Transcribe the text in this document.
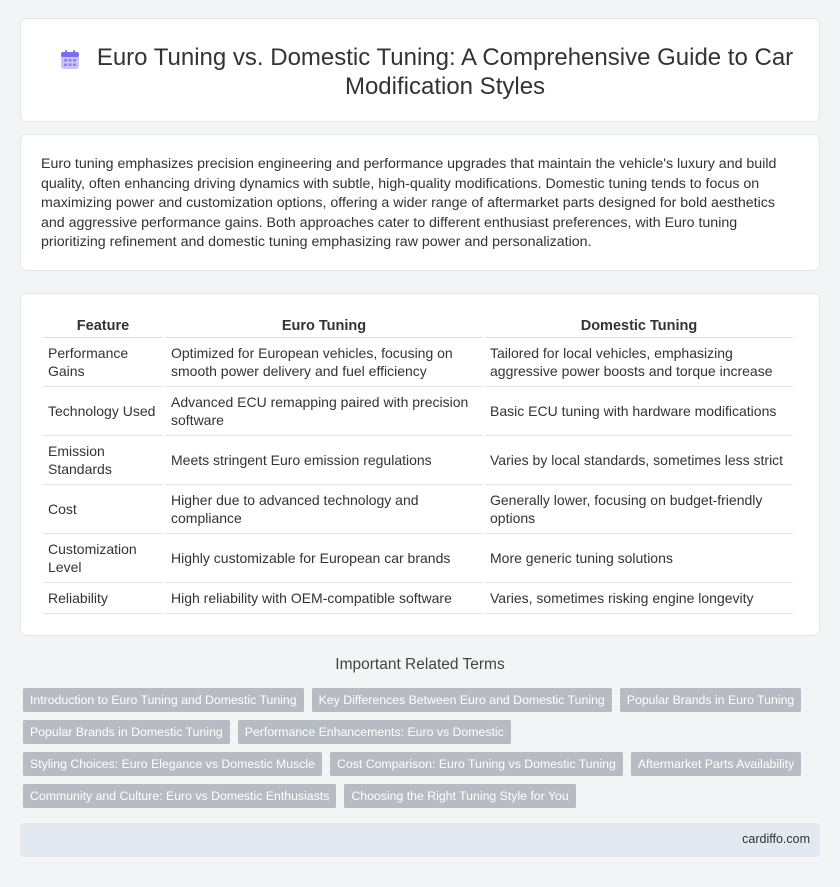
Euro Tuning vs. Domestic Tuning: A Comprehensive Guide to Car Modification Styles

Euro tuning emphasizes precision engineering and performance upgrades that maintain the vehicle's luxury and build quality, often enhancing driving dynamics with subtle, high-quality modifications. Domestic tuning tends to focus on maximizing power and customization options, offering a wider range of aftermarket parts designed for bold aesthetics and aggressive performance gains. Both approaches cater to different enthusiast preferences, with Euro tuning prioritizing refinement and domestic tuning emphasizing raw power and personalization.

Feature	Euro Tuning	Domestic Tuning
Performance Gains	Optimized for European vehicles, focusing on smooth power delivery and fuel efficiency	Tailored for local vehicles, emphasizing aggressive power boosts and torque increase
Technology Used	Advanced ECU remapping paired with precision software	Basic ECU tuning with hardware modifications
Emission Standards	Meets stringent Euro emission regulations	Varies by local standards, sometimes less strict
Cost	Higher due to advanced technology and compliance	Generally lower, focusing on budget-friendly options
Customization Level	Highly customizable for European car brands	More generic tuning solutions
Reliability	High reliability with OEM-compatible software	Varies, sometimes risking engine longevity
Important Related Terms
Introduction to Euro Tuning and Domestic Tuning	Key Differences Between Euro and Domestic Tuning	Popular Brands in Euro Tuning
Popular Brands in Domestic Tuning	Performance Enhancements: Euro vs Domestic
Styling Choices: Euro Elegance vs Domestic Muscle	Cost Comparison: Euro Tuning vs Domestic Tuning	Aftermarket Parts Availability
Community and Culture: Euro vs Domestic Enthusiasts	Choosing the Right Tuning Style for You
cardiffo.com
